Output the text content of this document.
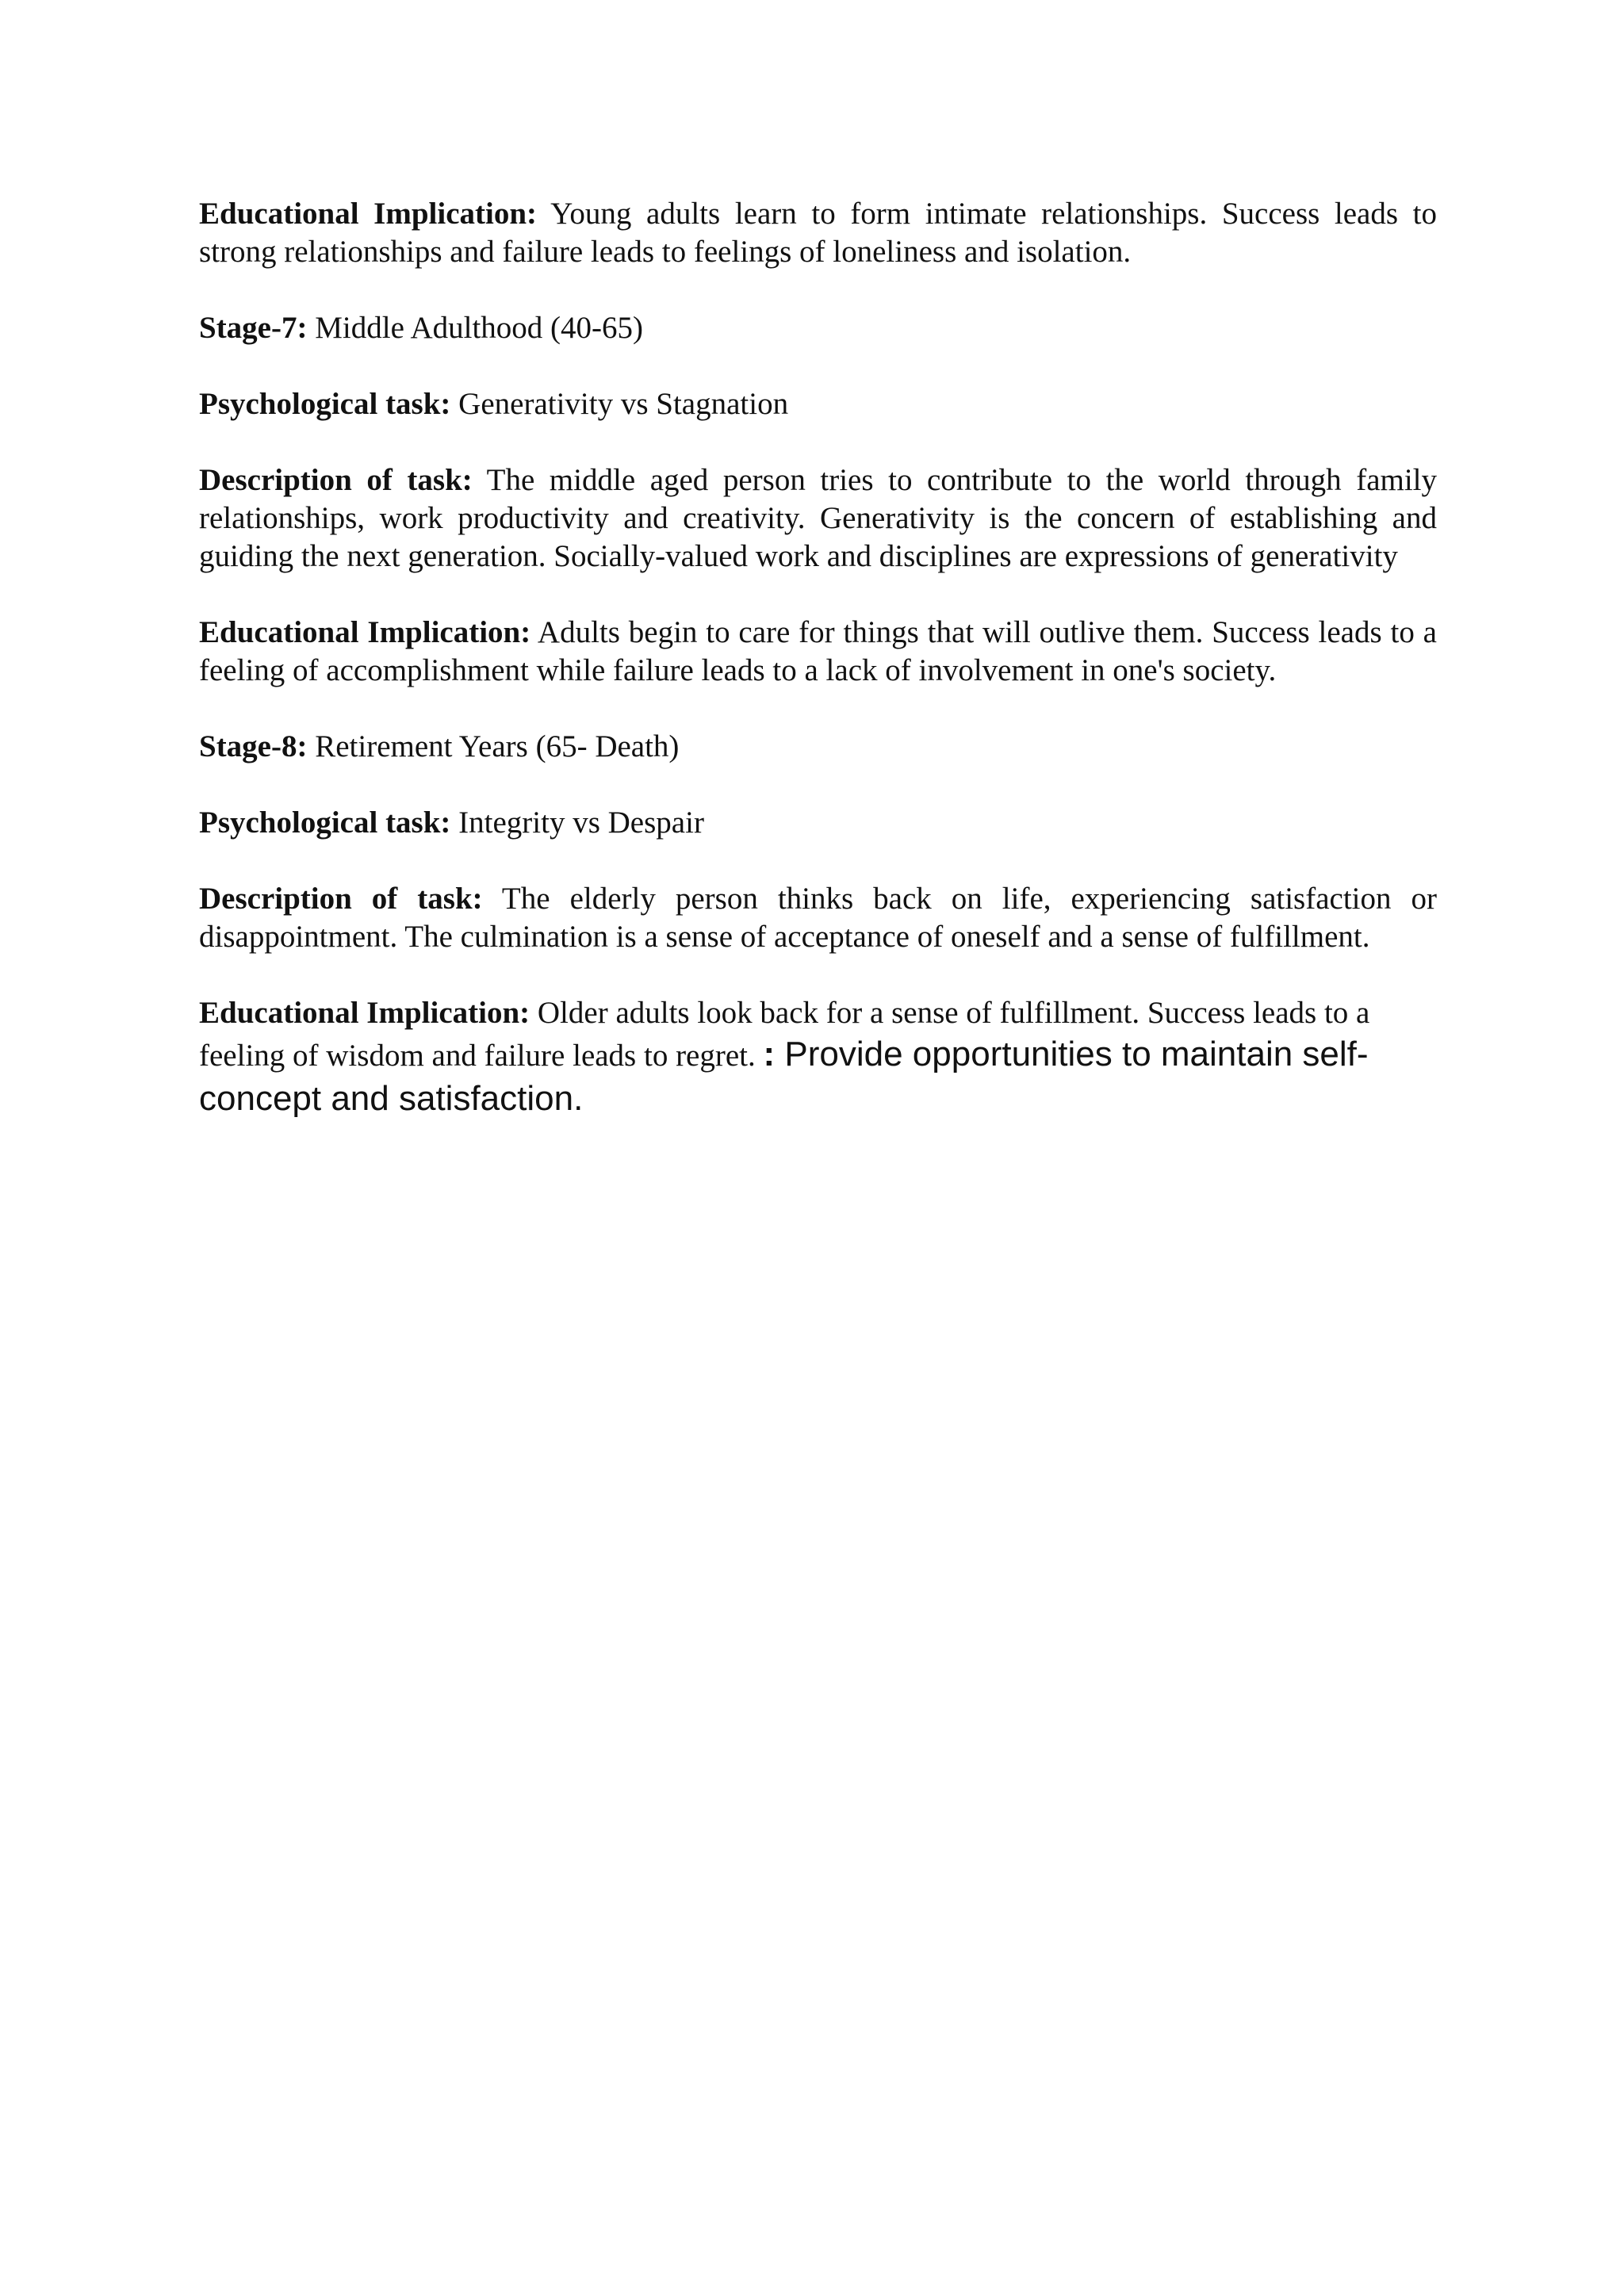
Educational Implication: Young adults learn to form intimate relationships. Success leads to strong relationships and failure leads to feelings of loneliness and isolation.

Stage-7: Middle Adulthood (40-65)

Psychological task: Generativity vs Stagnation

Description of task: The middle aged person tries to contribute to the world through family relationships, work productivity and creativity. Generativity is the concern of establishing and guiding the next generation. Socially-valued work and disciplines are expressions of generativity

Educational Implication: Adults begin to care for things that will outlive them. Success leads to a feeling of accomplishment while failure leads to a lack of involvement in one's society.

Stage-8: Retirement Years (65- Death)

Psychological task: Integrity vs Despair

Description of task: The elderly person thinks back on life, experiencing satisfaction or disappointment. The culmination is a sense of acceptance of oneself and a sense of fulfillment.

Educational Implication: Older adults look back for a sense of fulfillment. Success leads to a feeling of wisdom and failure leads to regret. : Provide opportunities to maintain self-concept and satisfaction.
